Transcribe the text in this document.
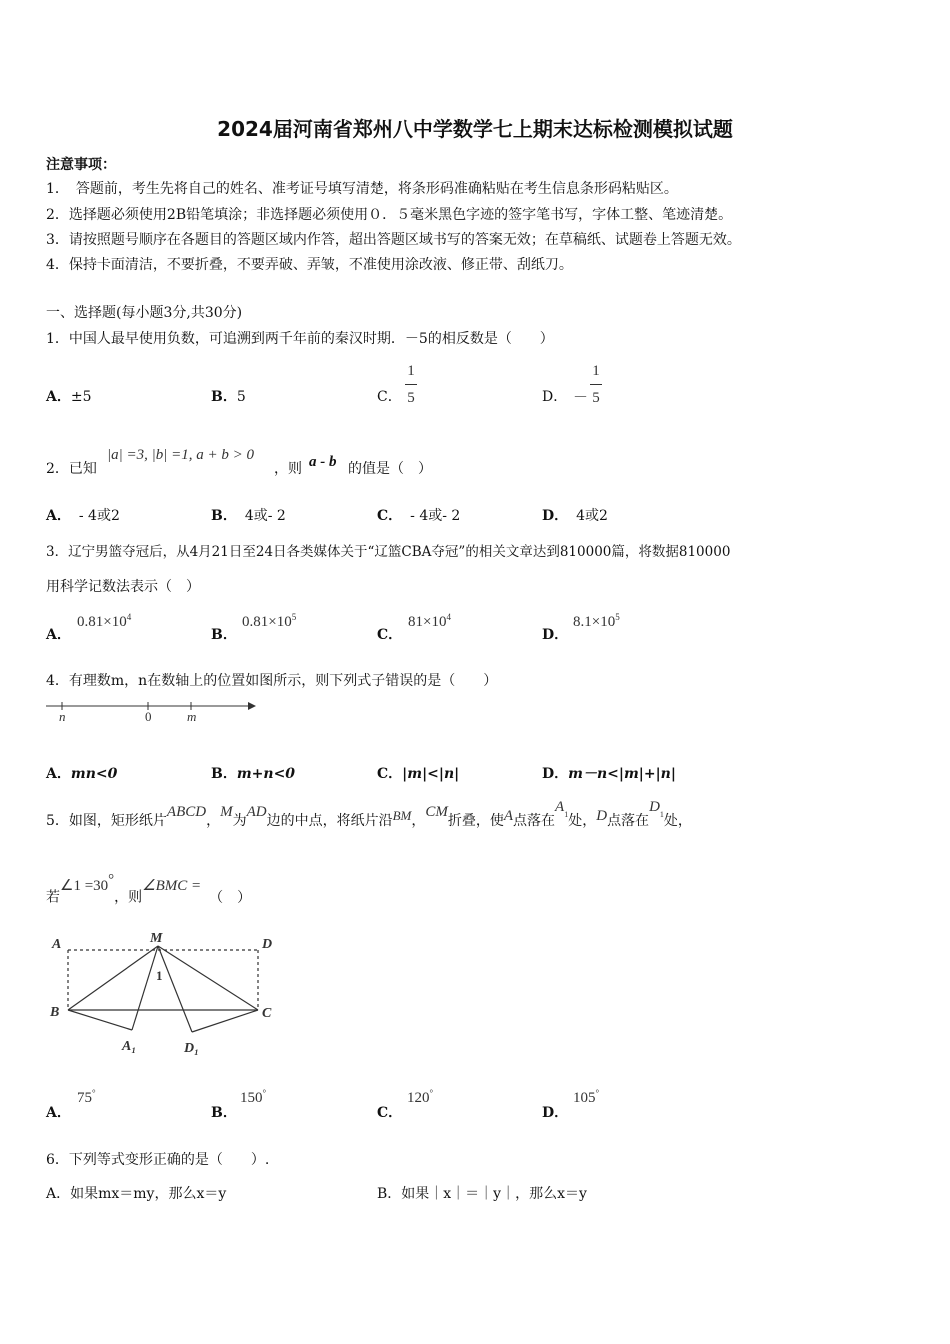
2024届河南省郑州八中学数学七上期末达标检测模拟试题
注意事项：
1．　答题前，考生先将自己的姓名、准考证号填写清楚，将条形码准确粘贴在考生信息条形码粘贴区。
2．选择题必须使用2B铅笔填涂；非选择题必须使用０．５毫米黑色字迹的签字笔书写，字体工整、笔迹清楚。
3．请按照题号顺序在各题目的答题区域内作答，超出答题区域书写的答案无效；在草稿纸、试题卷上答题无效。
4．保持卡面清洁，不要折叠，不要弄破、弄皱，不准使用涂改液、修正带、刮纸刀。
一、选择题(每小题3分,共30分)
1．中国人最早使用负数，可追溯到两千年前的秦汉时期．－5的相反数是（　　）
A．±5	B．5	C．
1
5	D． －
1
5
2．已知
|a| =3, |b| =1, a + b > 0
，则 a - b 的值是（　）
A． - 4或2	B． 4或- 2	C． - 4或- 2	D． 4或2
3．辽宁男篮夺冠后，从4月21日至24日各类媒体关于“辽篮CBA夺冠”的相关文章达到810000篇，将数据810000
用科学记数法表示（　）
A．
$0.81\times 10^4$
B．
$0.81\times 10^5$
C．
$81\times 10^4$
D．
$8.1\times 10^5$
4．有理数m，n在数轴上的位置如图所示，则下列式子错误的是（　　）
n	0	m
A．mn<0	B．m+n<0	C．|m|<|n|	D．m－n<|m|+|n|
5．如图，矩形纸片ABCD，M为AD边的中点，将纸片沿BM，CM折叠，使A点落在$A_1$处，D点落在$D_1$处，
若∠1 =30°，则∠BMC =（　）
A	M	D
B	C
A₁	D₁
1
A．
75°
B．
150°
C．
120°
D．
105°
6．下列等式变形正确的是（　　）.
A．如果mx＝my，那么x＝y	B．如果｜x｜＝｜y｜，那么x＝y
